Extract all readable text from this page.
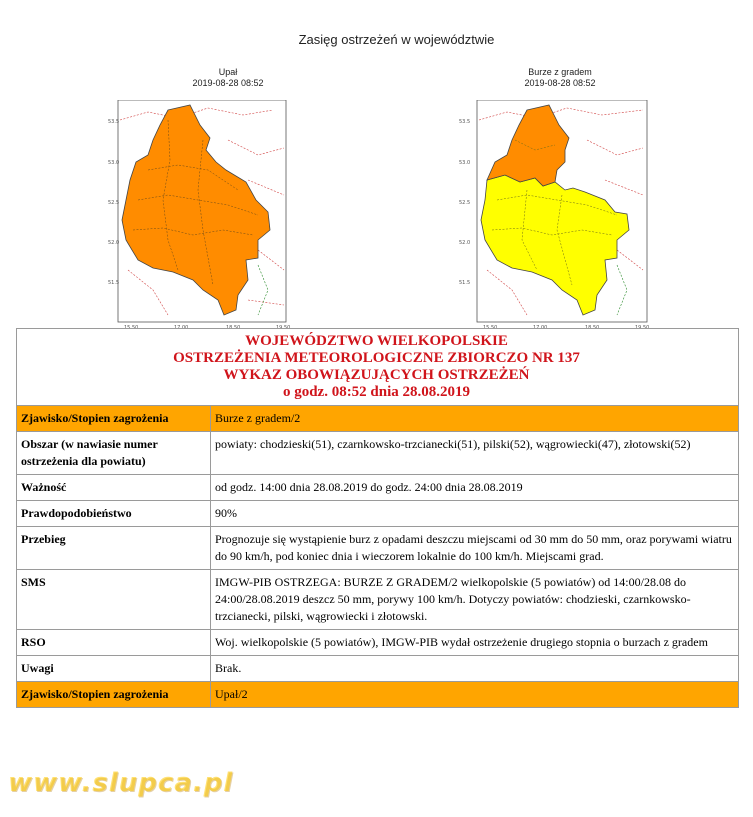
Zasięg ostrzeżeń w województwie
Upał
2019-08-28 08:52
53.5
53.0
52.5
52.0
51.5
15.50	17.00	18.50	19.50
Burze z gradem
2019-08-28 08:52
53.5
53.0
52.5
52.0
51.5
15.50	17.00	18.50	19.50
WOJEWÓDZTWO WIELKOPOLSKIE
OSTRZEŻENIA METEOROLOGICZNE ZBIORCZO NR 137
WYKAZ OBOWIĄZUJĄCYCH OSTRZEŻEŃ
o godz. 08:52 dnia 28.08.2019	

Zjawisko/Stopien zagrożenia	Burze z gradem/2
Obszar (w nawiasie numer ostrzeżenia dla powiatu)	powiaty: chodzieski(51), czarnkowsko-trzcianecki(51), pilski(52), wągrowiecki(47), złotowski(52)
Ważność	od godz. 14:00 dnia 28.08.2019 do godz. 24:00 dnia 28.08.2019
Prawdopodobieństwo	90%
Przebieg	Prognozuje się wystąpienie burz z opadami deszczu miejscami od 30 mm do 50 mm, oraz porywami wiatru do 90 km/h, pod koniec dnia i wieczorem lokalnie do 100 km/h. Miejscami grad.
SMS	IMGW-PIB OSTRZEGA: BURZE Z GRADEM/2 wielkopolskie (5 powiatów) od 14:00/28.08 do 24:00/28.08.2019 deszcz 50 mm, porywy 100 km/h. Dotyczy powiatów: chodzieski, czarnkowsko-trzcianecki, pilski, wągrowiecki i złotowski.
RSO	Woj. wielkopolskie (5 powiatów), IMGW-PIB wydał ostrzeżenie drugiego stopnia o burzach z gradem
Uwagi	Brak.
Zjawisko/Stopien zagrożenia	Upał/2
www.slupca.pl
